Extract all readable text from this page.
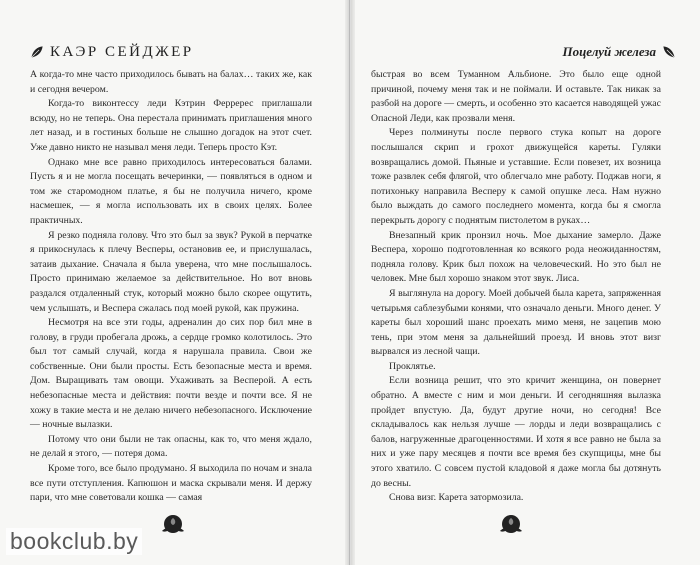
КАЭР СЕЙДЖЕР

А когда-то мне часто приходилось бывать на балах… таких же, как и сегодня вечером.

Когда-то виконтессу леди Кэтрин Ферререс приглашали всюду, но не теперь. Она перестала принимать приглашения много лет назад, и в гостиных больше не слышно догадок на этот счет. Уже давно никто не называл меня леди. Теперь просто Кэт.

Однако мне все равно приходилось интересоваться балами. Пусть я и не могла посещать вечеринки, — появляться в одном и том же старомодном платье, я бы не получила ничего, кроме насмешек, — я могла использовать их в своих целях. Более практичных.

Я резко подняла голову. Что это был за звук? Рукой в перчатке я прикоснулась к плечу Весперы, остановив ее, и прислушалась, затаив дыхание. Сначала я была уверена, что мне послышалось. Просто принимаю желаемое за действительное. Но вот вновь раздался отдаленный стук, который можно было скорее ощутить, чем услышать, и Веспера сжалась под моей рукой, как пружина.

Несмотря на все эти годы, адреналин до сих пор бил мне в голову, в груди пробегала дрожь, а сердце громко колотилось. Это был тот самый случай, когда я нарушала правила. Свои же собственные. Они были просты. Есть безопасные места и время. Дом. Выращивать там овощи. Ухаживать за Весперой. А есть небезопасные места и действия: почти везде и почти все. Я не хожу в такие места и не делаю ничего небезопасного. Исключение — ночные вылазки.

Потому что они были не так опасны, как то, что меня ждало, не делай я этого, — потеря дома.

Кроме того, все было продумано. Я выходила по ночам и знала все пути отступления. Капюшон и маска скрывали меня. И держу пари, что мне советовали кошка — самая

Поцелуй железа

быстрая во всем Туманном Альбионе. Это было еще одной причиной, почему меня так и не поймали. И оставьте. Так никак за разбой на дороге — смерть, и особенно это касается наводящей ужас Опасной Леди, как прозвали меня.

Через полминуты после первого стука копыт на дороге послышался скрип и грохот движущейся кареты. Гуляки возвращались домой. Пьяные и уставшие. Если повезет, их возница тоже развлек себя флягой, что облегчало мне работу. Поджав ноги, я потихоньку направила Весперу к самой опушке леса. Нам нужно было выждать до самого последнего момента, когда бы я смогла перекрыть дорогу с поднятым пистолетом в руках…

Внезапный крик пронзил ночь. Мое дыхание замерло. Даже Веспера, хорошо подготовленная ко всякого рода неожиданностям, подняла голову. Крик был похож на человеческий. Но это был не человек. Мне был хорошо знаком этот звук. Лиса.

Я выглянула на дорогу. Моей добычей была карета, запряженная четырьмя саблезубыми конями, что означало деньги. Много денег. У кареты был хороший шанс проехать мимо меня, не зацепив мою тень, при этом меня за дальнейший проезд. И вновь этот визг вырвался из лесной чащи.

Проклятье.

Если возница решит, что это кричит женщина, он повернет обратно. А вместе с ним и мои деньги. И сегодняшняя вылазка пройдет впустую. Да, будут другие ночи, но сегодня! Все складывалось как нельзя лучше — лорды и леди возвращались с балов, нагруженные драгоценностями. И хотя я все равно не была за них и уже пару месяцев я почти все время без скупщицы, мне бы этого хватило. С совсем пустой кладовой я даже могла бы дотянуть до весны.

Снова визг. Карета затормозила.

bookclub.by
